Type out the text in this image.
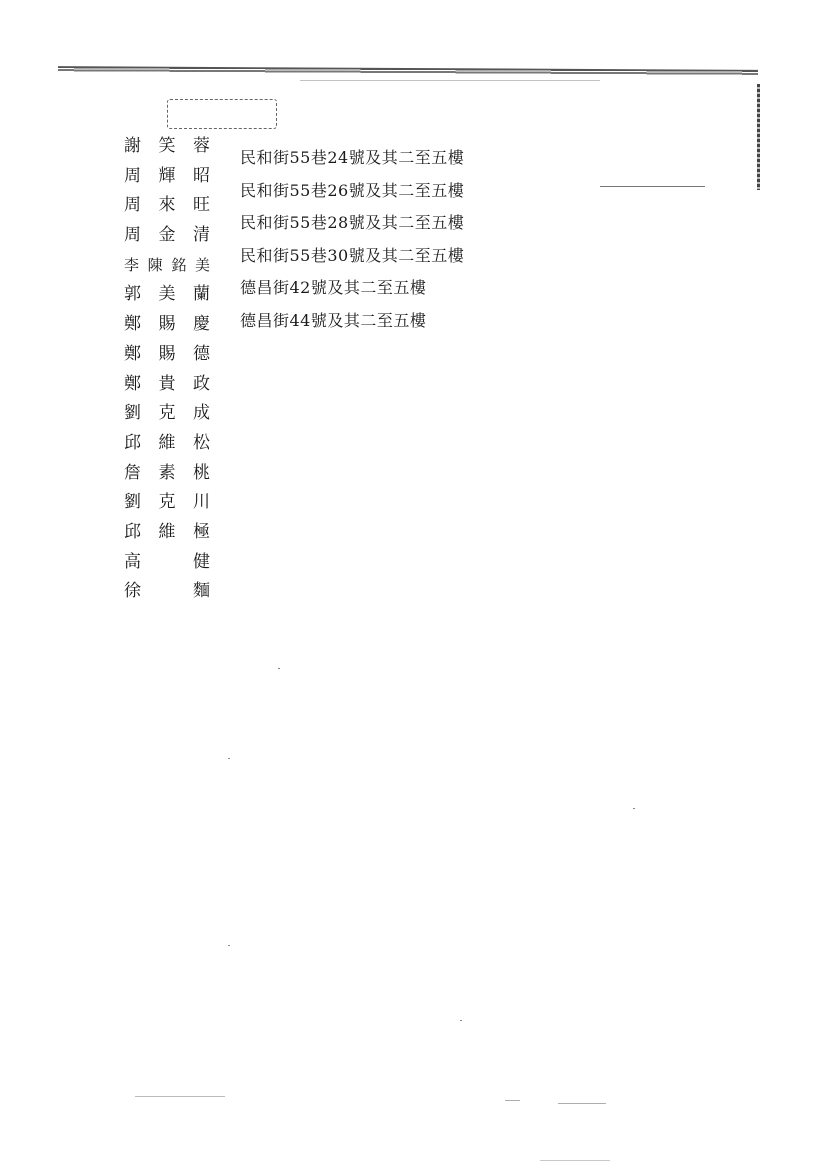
謝 笑 蓉
周 輝 昭
周 來 旺
周 金 清
李陳銘美
郭 美 蘭
鄭 賜 慶
鄭 賜 德
鄭 貴 政
劉 克 成
邱 維 松
詹 素 桃
劉 克 川
邱 維 極
高 健
徐 麵
民和街55巷24號及其二至五樓
民和街55巷26號及其二至五樓
民和街55巷28號及其二至五樓
民和街55巷30號及其二至五樓
德昌街42號及其二至五樓
德昌街44號及其二至五樓
